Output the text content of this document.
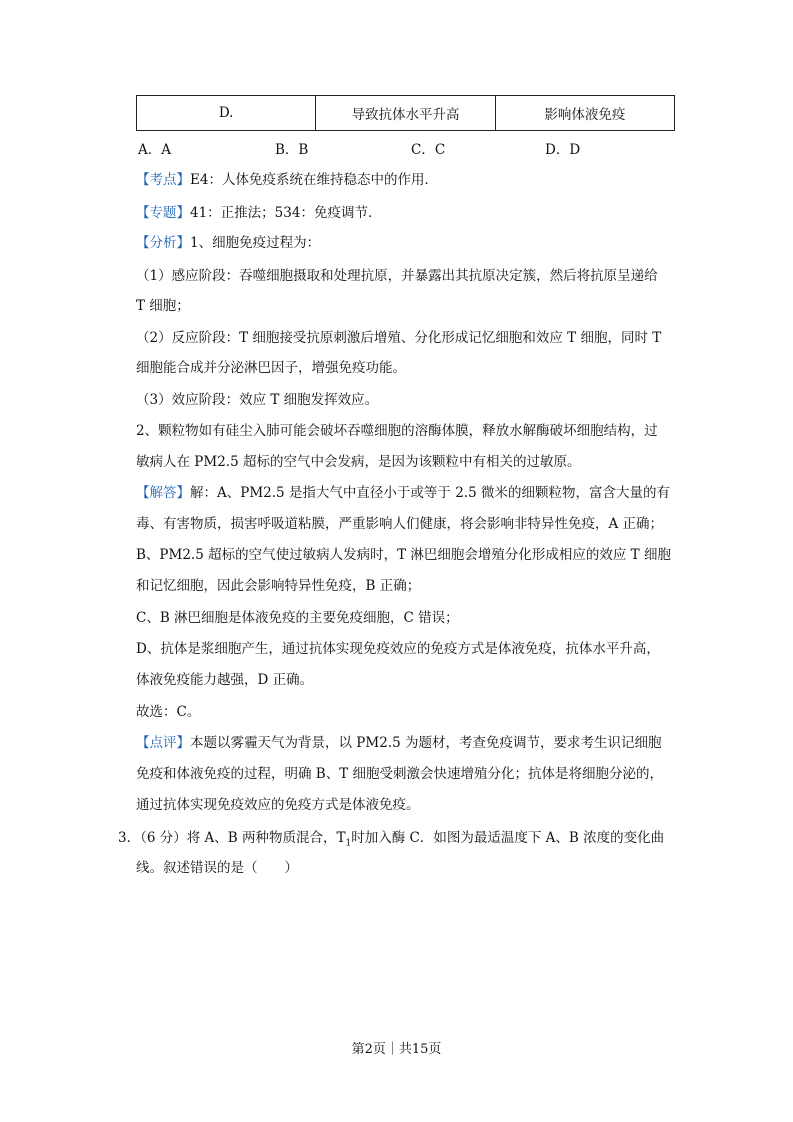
D.	导致抗体水平升高	影响体液免疫
A．A	B．B	C．C	D．D
【考点】E4：人体免疫系统在维持稳态中的作用．
【专题】41：正推法；534：免疫调节．
【分析】1、细胞免疫过程为：
（1）感应阶段：吞噬细胞摄取和处理抗原，并暴露出其抗原决定簇，然后将抗原呈递给
T 细胞；
（2）反应阶段：T 细胞接受抗原刺激后增殖、分化形成记忆细胞和效应 T 细胞，同时 T
细胞能合成并分泌淋巴因子，增强免疫功能。
（3）效应阶段：效应 T 细胞发挥效应。
2、颗粒物如有硅尘入肺可能会破坏吞噬细胞的溶酶体膜，释放水解酶破坏细胞结构，过
敏病人在 PM2.5 超标的空气中会发病，是因为该颗粒中有相关的过敏原。
【解答】解：A、PM2.5 是指大气中直径小于或等于 2.5 微米的细颗粒物，富含大量的有
毒、有害物质，损害呼吸道粘膜，严重影响人们健康，将会影响非特异性免疫，A 正确；
B、PM2.5 超标的空气使过敏病人发病时，T 淋巴细胞会增殖分化形成相应的效应 T 细胞
和记忆细胞，因此会影响特异性免疫，B 正确；
C、B 淋巴细胞是体液免疫的主要免疫细胞，C 错误；
D、抗体是浆细胞产生，通过抗体实现免疫效应的免疫方式是体液免疫，抗体水平升高，
体液免疫能力越强，D 正确。
故选：C。
【点评】本题以雾霾天气为背景，以 PM2.5 为题材，考查免疫调节，要求考生识记细胞
免疫和体液免疫的过程，明确 B、T 细胞受刺激会快速增殖分化；抗体是将细胞分泌的，
通过抗体实现免疫效应的免疫方式是体液免疫。
3．（6 分）将 A、B 两种物质混合，$T_1$时加入酶 C．如图为最适温度下 A、B 浓度的变化曲
线。叙述错误的是（　　）
第2页｜共15页
